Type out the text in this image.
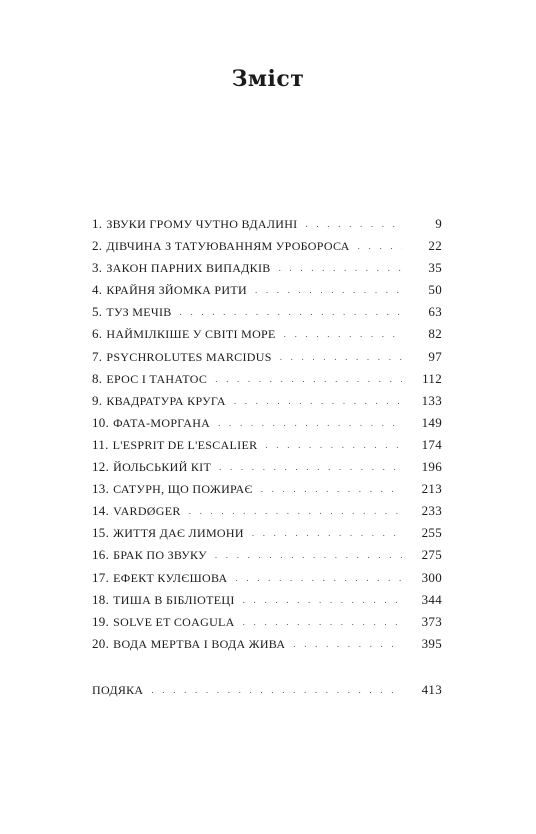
Зміст
1. ЗВУКИ ГРОМУ ЧУТНО ВДАЛИНІ . . .	9
2. ДІВЧИНА З ТАТУЮВАННЯМ УРОБОРОСА . . .	22
3. ЗАКОН ПАРНИХ ВИПАДКІВ . . .	35
4. КРАЙНЯ ЗЙОМКА РИТИ . . .	50
5. ТУЗ МЕЧІВ . . .	63
6. НАЙМІЛКІШЕ У СВІТІ МОРЕ . . .	82
7. PSYCHROLUTES MARCIDUS . . .	97
8. ЕРОС І ТАНАТОС . . .	112
9. КВАДРАТУРА КРУГА . . .	133
10. ФАТА-МОРГАНА . . .	149
11. L'ESPRIT DE L'ESCALIER . . .	174
12. ЙОЛЬСЬКИЙ КІТ . . .	196
13. САТУРН, ЩО ПОЖИРАЄ . . .	213
14. VARDØGER . . .	233
15. ЖИТТЯ ДАЄ ЛИМОНИ . . .	255
16. БРАК ПО ЗВУКУ . . .	275
17. ЕФЕКТ КУЛЄШОВА . . .	300
18. ТИША В БІБЛІОТЕЦІ . . .	344
19. SOLVE ET COAGULA . . .	373
20. ВОДА МЕРТВА І ВОДА ЖИВА . . .	395
ПОДЯКА . . .	413
